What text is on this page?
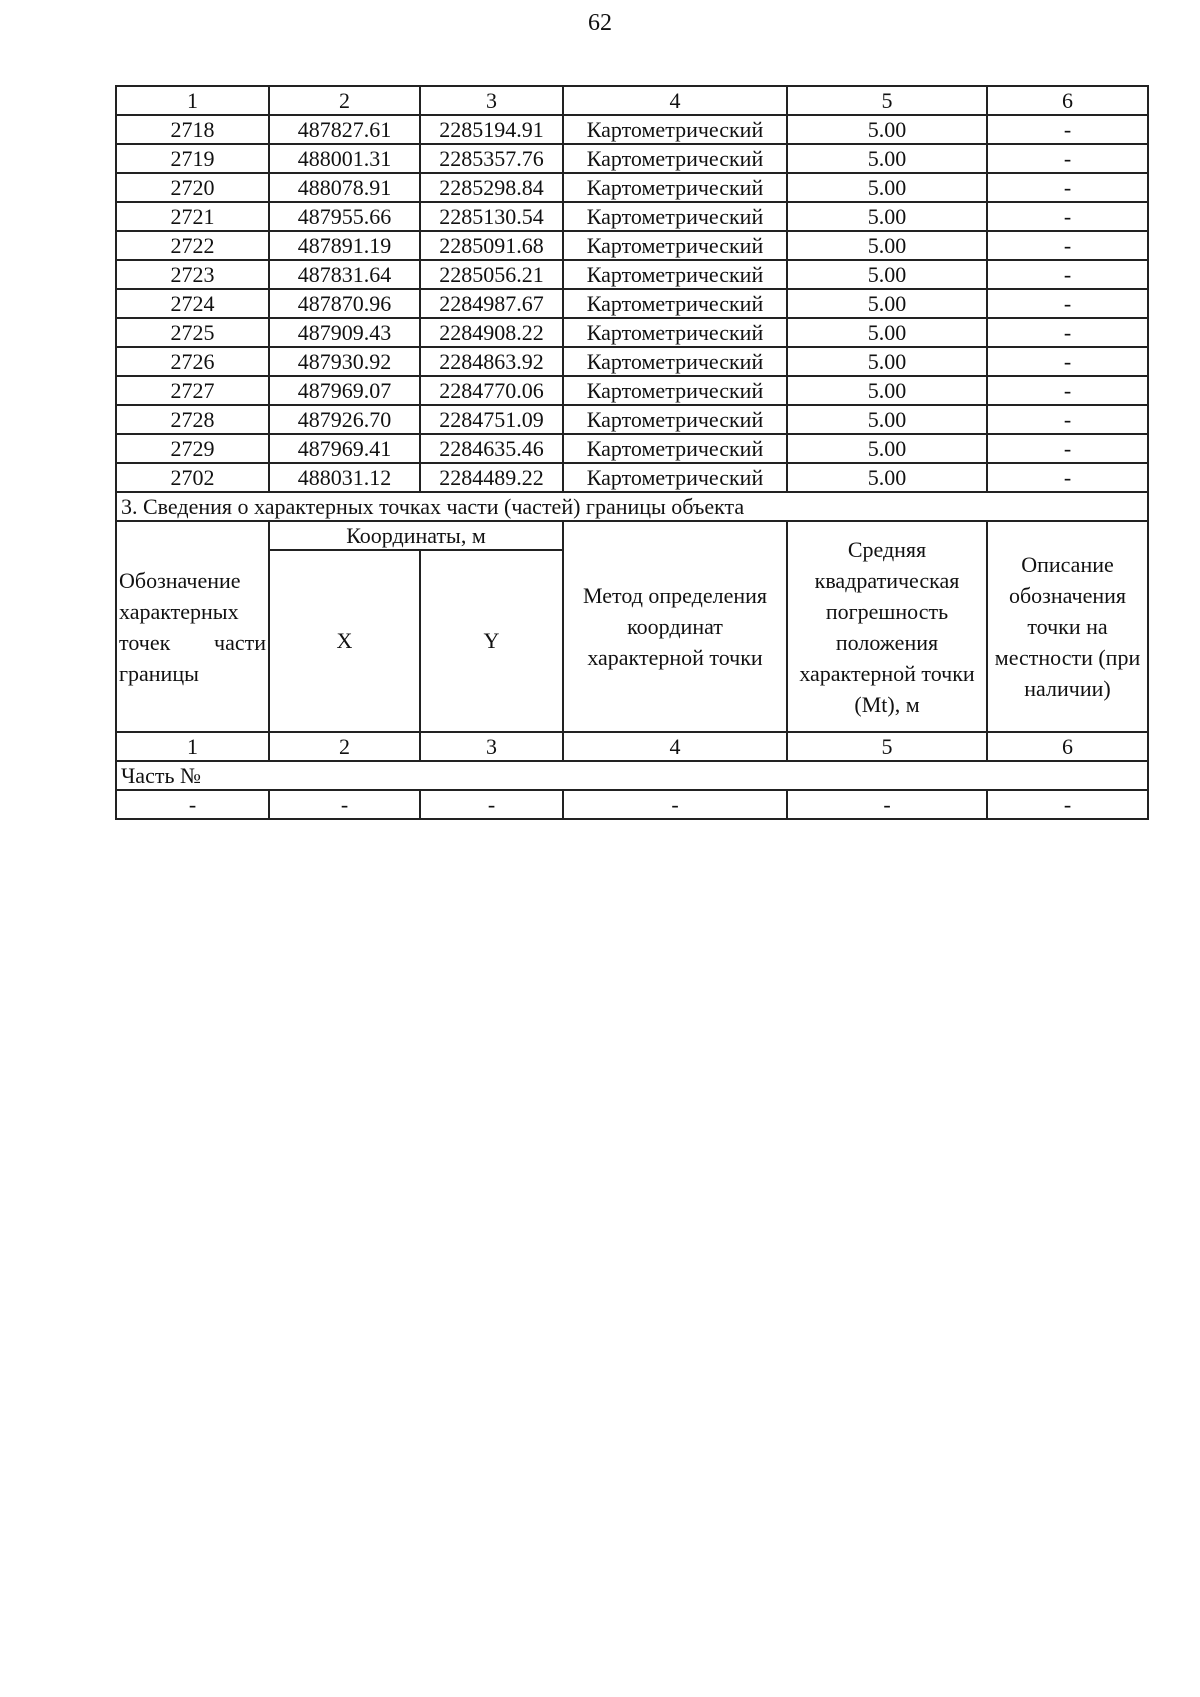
62
1	2	3	4	5	6
2718	487827.61	2285194.91	Картометрический	5.00	-
2719	488001.31	2285357.76	Картометрический	5.00	-
2720	488078.91	2285298.84	Картометрический	5.00	-
2721	487955.66	2285130.54	Картометрический	5.00	-
2722	487891.19	2285091.68	Картометрический	5.00	-
2723	487831.64	2285056.21	Картометрический	5.00	-
2724	487870.96	2284987.67	Картометрический	5.00	-
2725	487909.43	2284908.22	Картометрический	5.00	-
2726	487930.92	2284863.92	Картометрический	5.00	-
2727	487969.07	2284770.06	Картометрический	5.00	-
2728	487926.70	2284751.09	Картометрический	5.00	-
2729	487969.41	2284635.46	Картометрический	5.00	-
2702	488031.12	2284489.22	Картометрический	5.00	-
3. Сведения о характерных точках части (частей) границы объекта					
Обозначение характерных точек части границы	Координаты, м		Метод определения координат характерной точки	Средняя квадратическая погрешность положения характерной точки (Mt), м	Описание обозначения точки на местности (при наличии)
	X	Y			
1	2	3	4	5	6
Часть №					
-	-	-	-	-	-
